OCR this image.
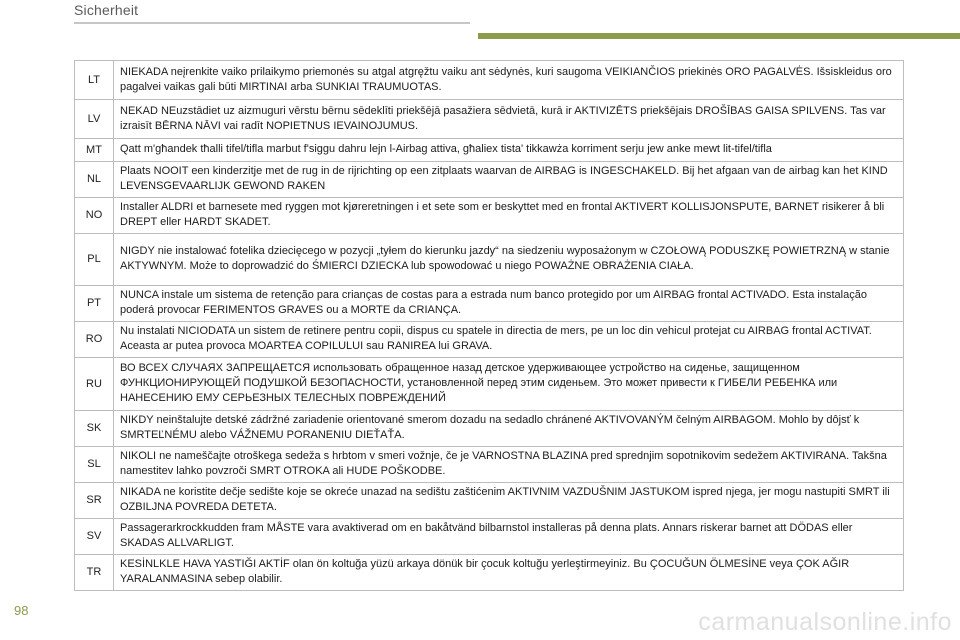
Sicherheit
LT	NIEKADA neįrenkite vaiko prilaikymo priemonės su atgal atgręžtu vaiku ant sėdynės, kuri saugoma VEIKIANČIOS priekinės ORO PAGALVĖS. Išsiskleidus oro pagalvei vaikas gali būti MIRTINAI arba SUNKIAI TRAUMUOTAS.
LV	NEKAD NEuzstādiet uz aizmuguri vērstu bērnu sēdeklīti priekšējā pasažiera sēdvietā, kurā ir AKTIVIZĒTS priekšējais DROŠĪBAS GAISA SPILVENS. Tas var izraisīt BĒRNA NĀVI vai radīt NOPIETNUS IEVAINOJUMUS.
MT	Qatt m'għandek tħalli tifel/tifla marbut f'siggu dahru lejn l-Airbag attiva, għaliex tista' tikkawża korriment serju jew anke mewt lit-tifel/tifla
NL	Plaats NOOIT een kinderzitje met de rug in de rijrichting op een zitplaats waarvan de AIRBAG is INGESCHAKELD. Bij het afgaan van de airbag kan het KIND LEVENSGEVAARLIJK GEWOND RAKEN
NO	Installer ALDRI et barnesete med ryggen mot kjøreretningen i et sete som er beskyttet med en frontal AKTIVERT KOLLISJONSPUTE, BARNET risikerer å bli DREPT eller HARDT SKADET.
PL	NIGDY nie instalować fotelika dziecięcego w pozycji „tyłem do kierunku jazdy“ na siedzeniu wyposażonym w CZOŁOWĄ PODUSZKĘ POWIETRZNĄ w stanie AKTYWNYM. Może to doprowadzić do ŚMIERCI DZIECKA lub spowodować u niego POWAŻNE OBRAŻENIA CIAŁA.
PT	NUNCA instale um sistema de retenção para crianças de costas para a estrada num banco protegido por um AIRBAG frontal ACTIVADO. Esta instalação poderá provocar FERIMENTOS GRAVES ou a MORTE da CRIANÇA.
RO	Nu instalati NICIODATA un sistem de retinere pentru copii, dispus cu spatele in directia de mers, pe un loc din vehicul protejat cu AIRBAG frontal ACTIVAT. Aceasta ar putea provoca MOARTEA COPILULUI sau RANIREA lui GRAVA.
RU	ВО ВСЕХ СЛУЧАЯХ ЗАПРЕЩАЕТСЯ использовать обращенное назад детское удерживающее устройство на сиденье, защищенном ФУНКЦИОНИРУЮЩЕЙ ПОДУШКОЙ БЕЗОПАСНОСТИ, установленной перед этим сиденьем. Это может привести к ГИБЕЛИ РЕБЕНКА или НАНЕСЕНИЮ ЕМУ СЕРЬЕЗНЫХ ТЕЛЕСНЫХ ПОВРЕЖДЕНИЙ
SK	NIKDY neinštalujte detské zádržné zariadenie orientované smerom dozadu na sedadlo chránené AKTIVOVANÝM čelným AIRBAGOM. Mohlo by dôjsť k SMRTEĽNÉMU alebo VÁŽNEMU PORANENIU DIEŤAŤA.
SL	NIKOLI ne nameščajte otroškega sedeža s hrbtom v smeri vožnje, če je VARNOSTNA BLAZINA pred sprednjim sopotnikovim sedežem AKTIVIRANA. Takšna namestitev lahko povzroči SMRT OTROKA ali HUDE POŠKODBE.
SR	NIKADA ne koristite dečje sedište koje se okreće unazad na sedištu zaštićenim AKTIVNIM VAZDUŠNIM JASTUKOM ispred njega, jer mogu nastupiti SMRT ili OZBILJNA POVREDA DETETA.
SV	Passagerarkrockkudden fram MÅSTE vara avaktiverad om en bakåtvänd bilbarnstol installeras på denna plats. Annars riskerar barnet att DÖDAS eller SKADAS ALLVARLIGT.
TR	KESİNLKLE HAVA YASTIĞI AKTİF olan ön koltuğa yüzü arkaya dönük bir çocuk koltuğu yerleştirmeyiniz. Bu ÇOCUĞUN ÖLMESİNE veya ÇOK AĞIR YARALANMASINA sebep olabilir.
98	carmanualsonline.info
